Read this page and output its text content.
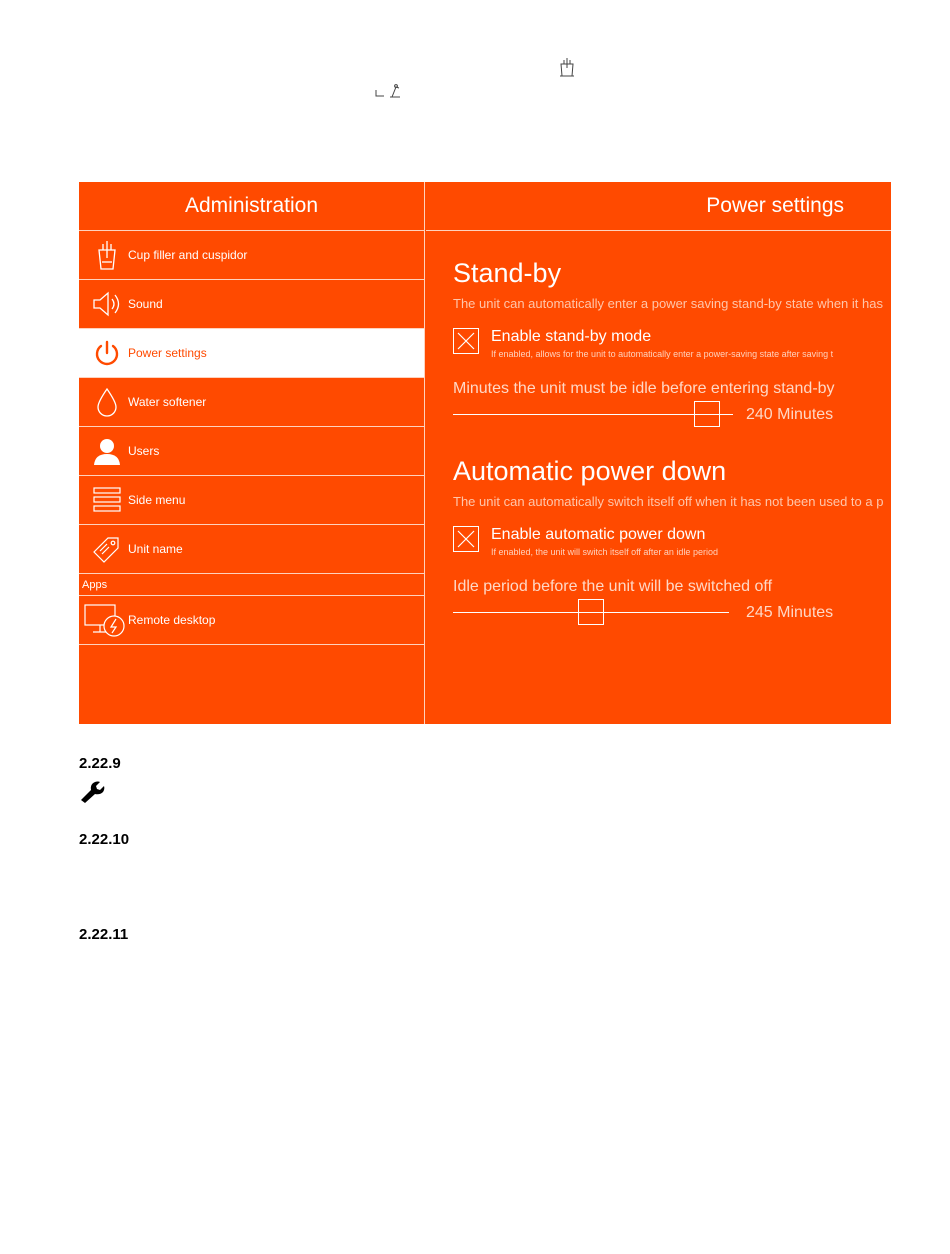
Administration
Cup filler and cuspidor
Sound
Power settings
Water softener
Users
Side menu
Unit name
Apps
Remote desktop
Power settings
Stand-by
The unit can automatically enter a power saving stand-by state when it has
Enable stand-by mode
If enabled, allows for the unit to automatically enter a power-saving state after saving t
Minutes the unit must be idle before entering stand-by
240 Minutes
Automatic power down
The unit can automatically switch itself off when it has not been used to a p
Enable automatic power down
If enabled, the unit will switch itself off after an idle period
Idle period before the unit will be switched off
245 Minutes
2.22.9
2.22.10
2.22.11
